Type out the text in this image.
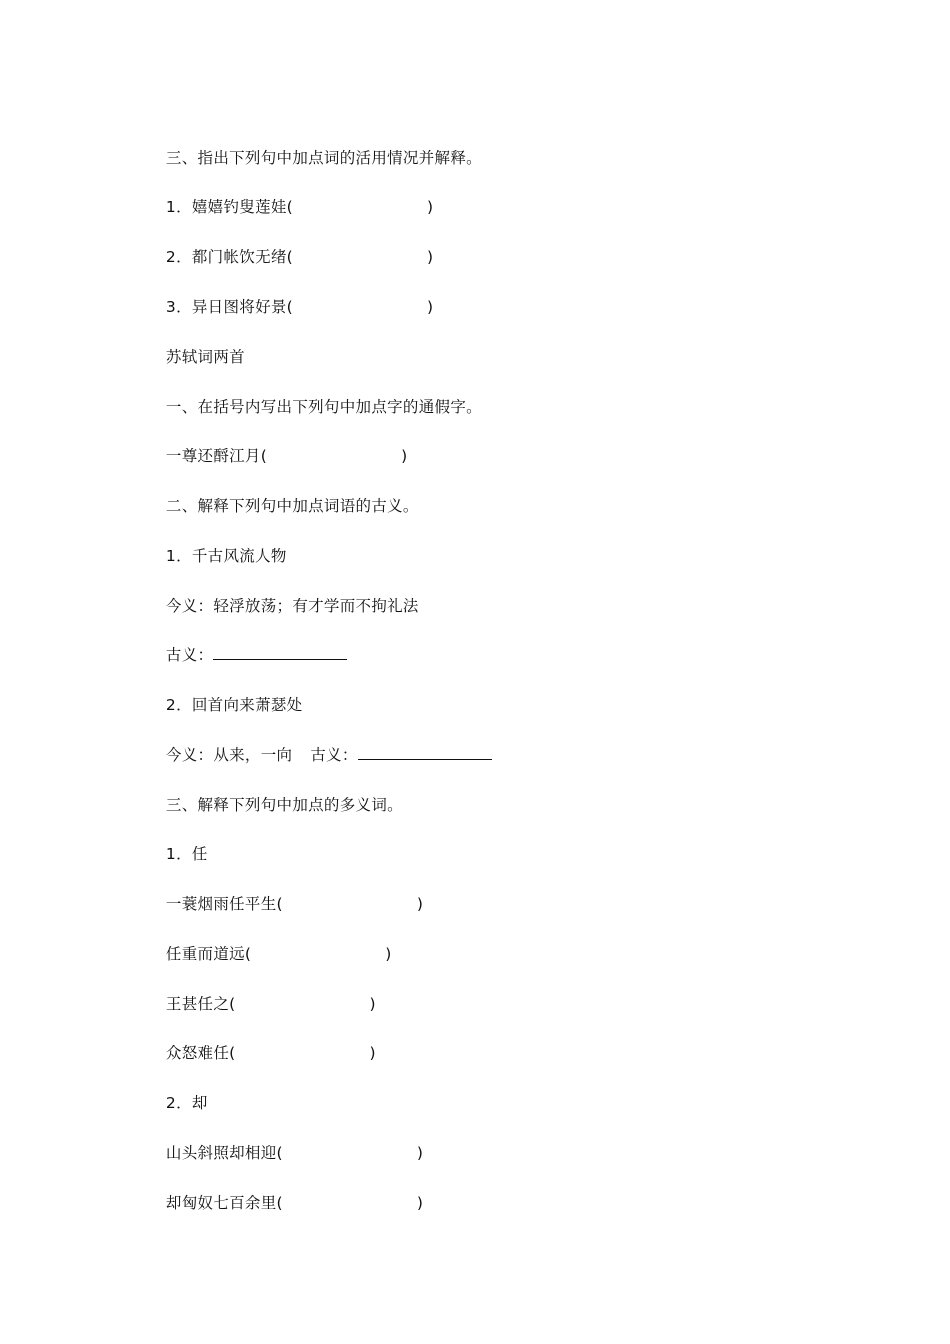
三、指出下列句中加点词的活用情况并解释。

1．嬉嬉钓叟莲娃(	)

2．都门帐饮无绪(	)

3．异日图将好景(	)

苏轼词两首

一、在括号内写出下列句中加点字的通假字。

一尊还酹江月(	)

二、解释下列句中加点词语的古义。

1．千古风流人物

今义：轻浮放荡；有才学而不拘礼法

古义：

2．回首向来萧瑟处

今义：从来，一向 古义：

三、解释下列句中加点的多义词。

1．任

一蓑烟雨任平生(	)

任重而道远(	)

王甚任之(	)

众怒难任(	)

2．却

山头斜照却相迎(	)

却匈奴七百余里(	)
